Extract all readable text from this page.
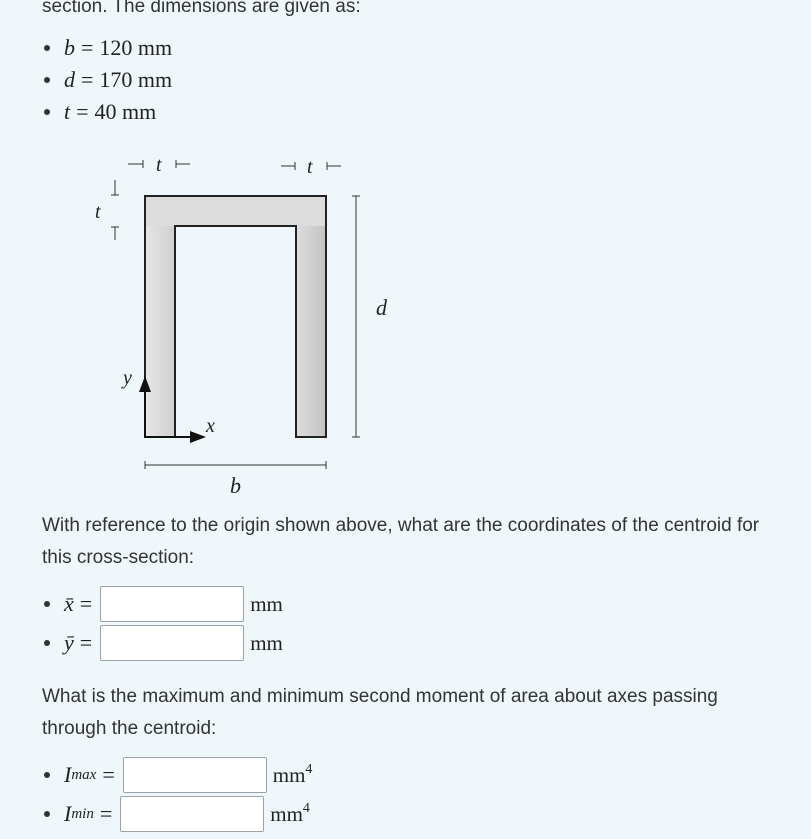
section. The dimensions are given as:
b = 120 mm
d = 170 mm
t = 40 mm
t	t
t
d
b
y
x
With reference to the origin shown above, what are the coordinates of the centroid for this cross-section:
x̄ =	mm
ȳ =	mm
What is the maximum and minimum second moment of area about axes passing through the centroid:
I max =	$mm^4$
I min =	$mm^4$
